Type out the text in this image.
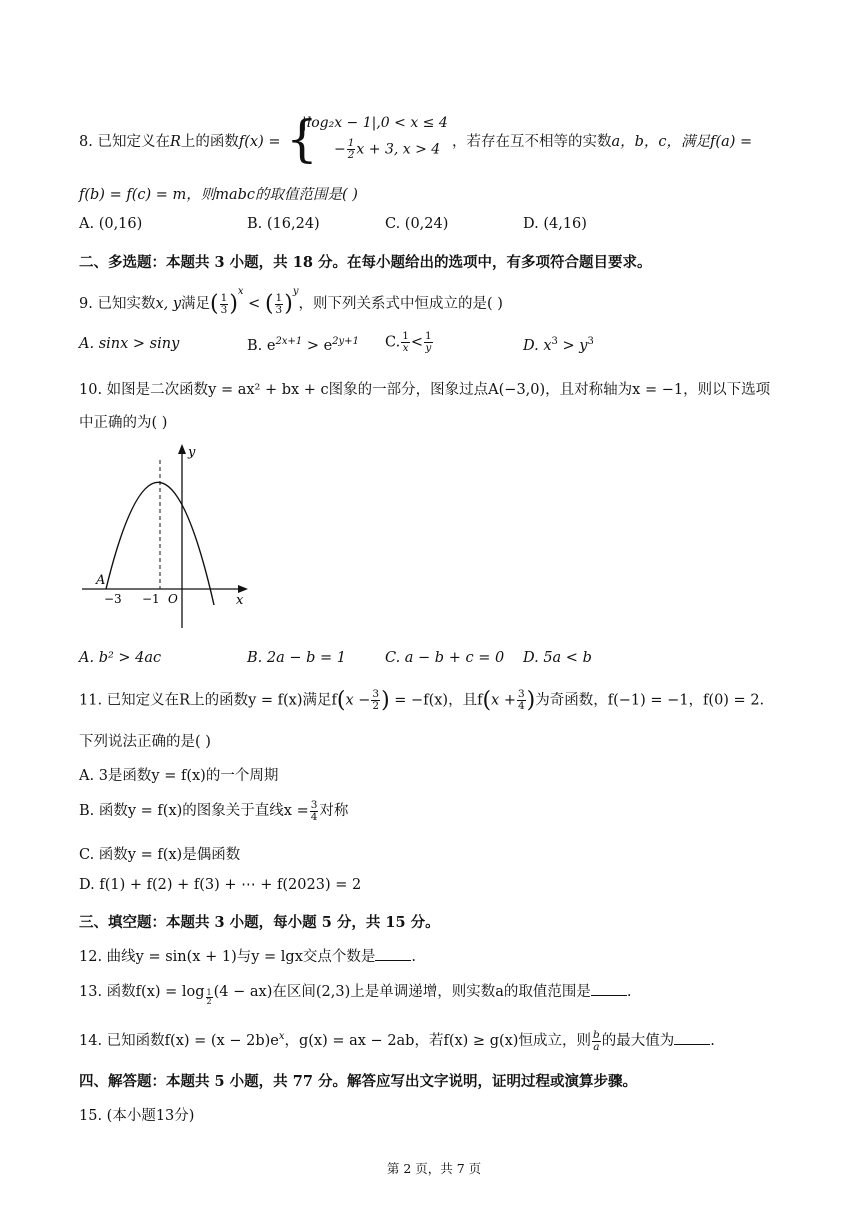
8. 已知定义在R上的函数f(x) = {
|log₂x − 1|,0 < x ≤ 4
− $\frac{1}{2}$ x + 3, x > 4 ，若存在互不相等的实数a，b，c，满足f(a) =
f(b) = f(c) = m，则mabc的取值范围是( )
A. (0,16)	B. (16,24)	C. (0,24)	D. (4,16)
二、多选题：本题共 3 小题，共 18 分。在每小题给出的选项中，有多项符合题目要求。
9. 已知实数x, y满足( $\frac{1}{3} )^x$ < ( $\frac{1}{3} )^y$，则下列关系式中恒成立的是( )
A. sinx > siny	B. $e^{2x+1} > e^{2y+1}$ C. $\frac{1}{x} < \frac{1}{y}$	D. $x^3 > y^3$
10. 如图是二次函数y = ax² + bx + c图象的一部分，图象过点A(−3,0)，且对称轴为x = −1，则以下选项
中正确的为( )
y
x
A
−3 −1 O
A. b² > 4ac	B. 2a − b = 1	C. a − b + c = 0 D. 5a < b
11. 已知定义在R上的函数y = f(x)满足$f(x - \frac{3}{2}$ ) = −f(x)，且$f(x + \frac{3}{4}$ )为奇函数，f(−1) = −1，f(0) = 2.
下列说法正确的是( )
A. 3是函数y = f(x)的一个周期
B. 函数y = f(x)的图象关于直线$x = \frac{3}{4}$ 对称
C. 函数y = f(x)是偶函数
D. f(1) + f(2) + f(3) + ⋯ + f(2023) = 2
三、填空题：本题共 3 小题，每小题 5 分，共 15 分。
12. 曲线y = sin(x + 1)与y = lgx交点个数是 .
13. 函数$f(x) = \log \frac{1}{2} (4 - ax)$在区间(2,3)上是单调递增，则实数a的取值范围是 .
14. 已知函数$f(x) = (x - 2b)e^x$，g(x) = ax − 2ab，若f(x) ≥ g(x)恒成立，则 $\frac{b}{a}$ 的最大值为 .
四、解答题：本题共 5 小题，共 77 分。解答应写出文字说明，证明过程或演算步骤。
15. (本小题13分)
第 2 页，共 7 页
